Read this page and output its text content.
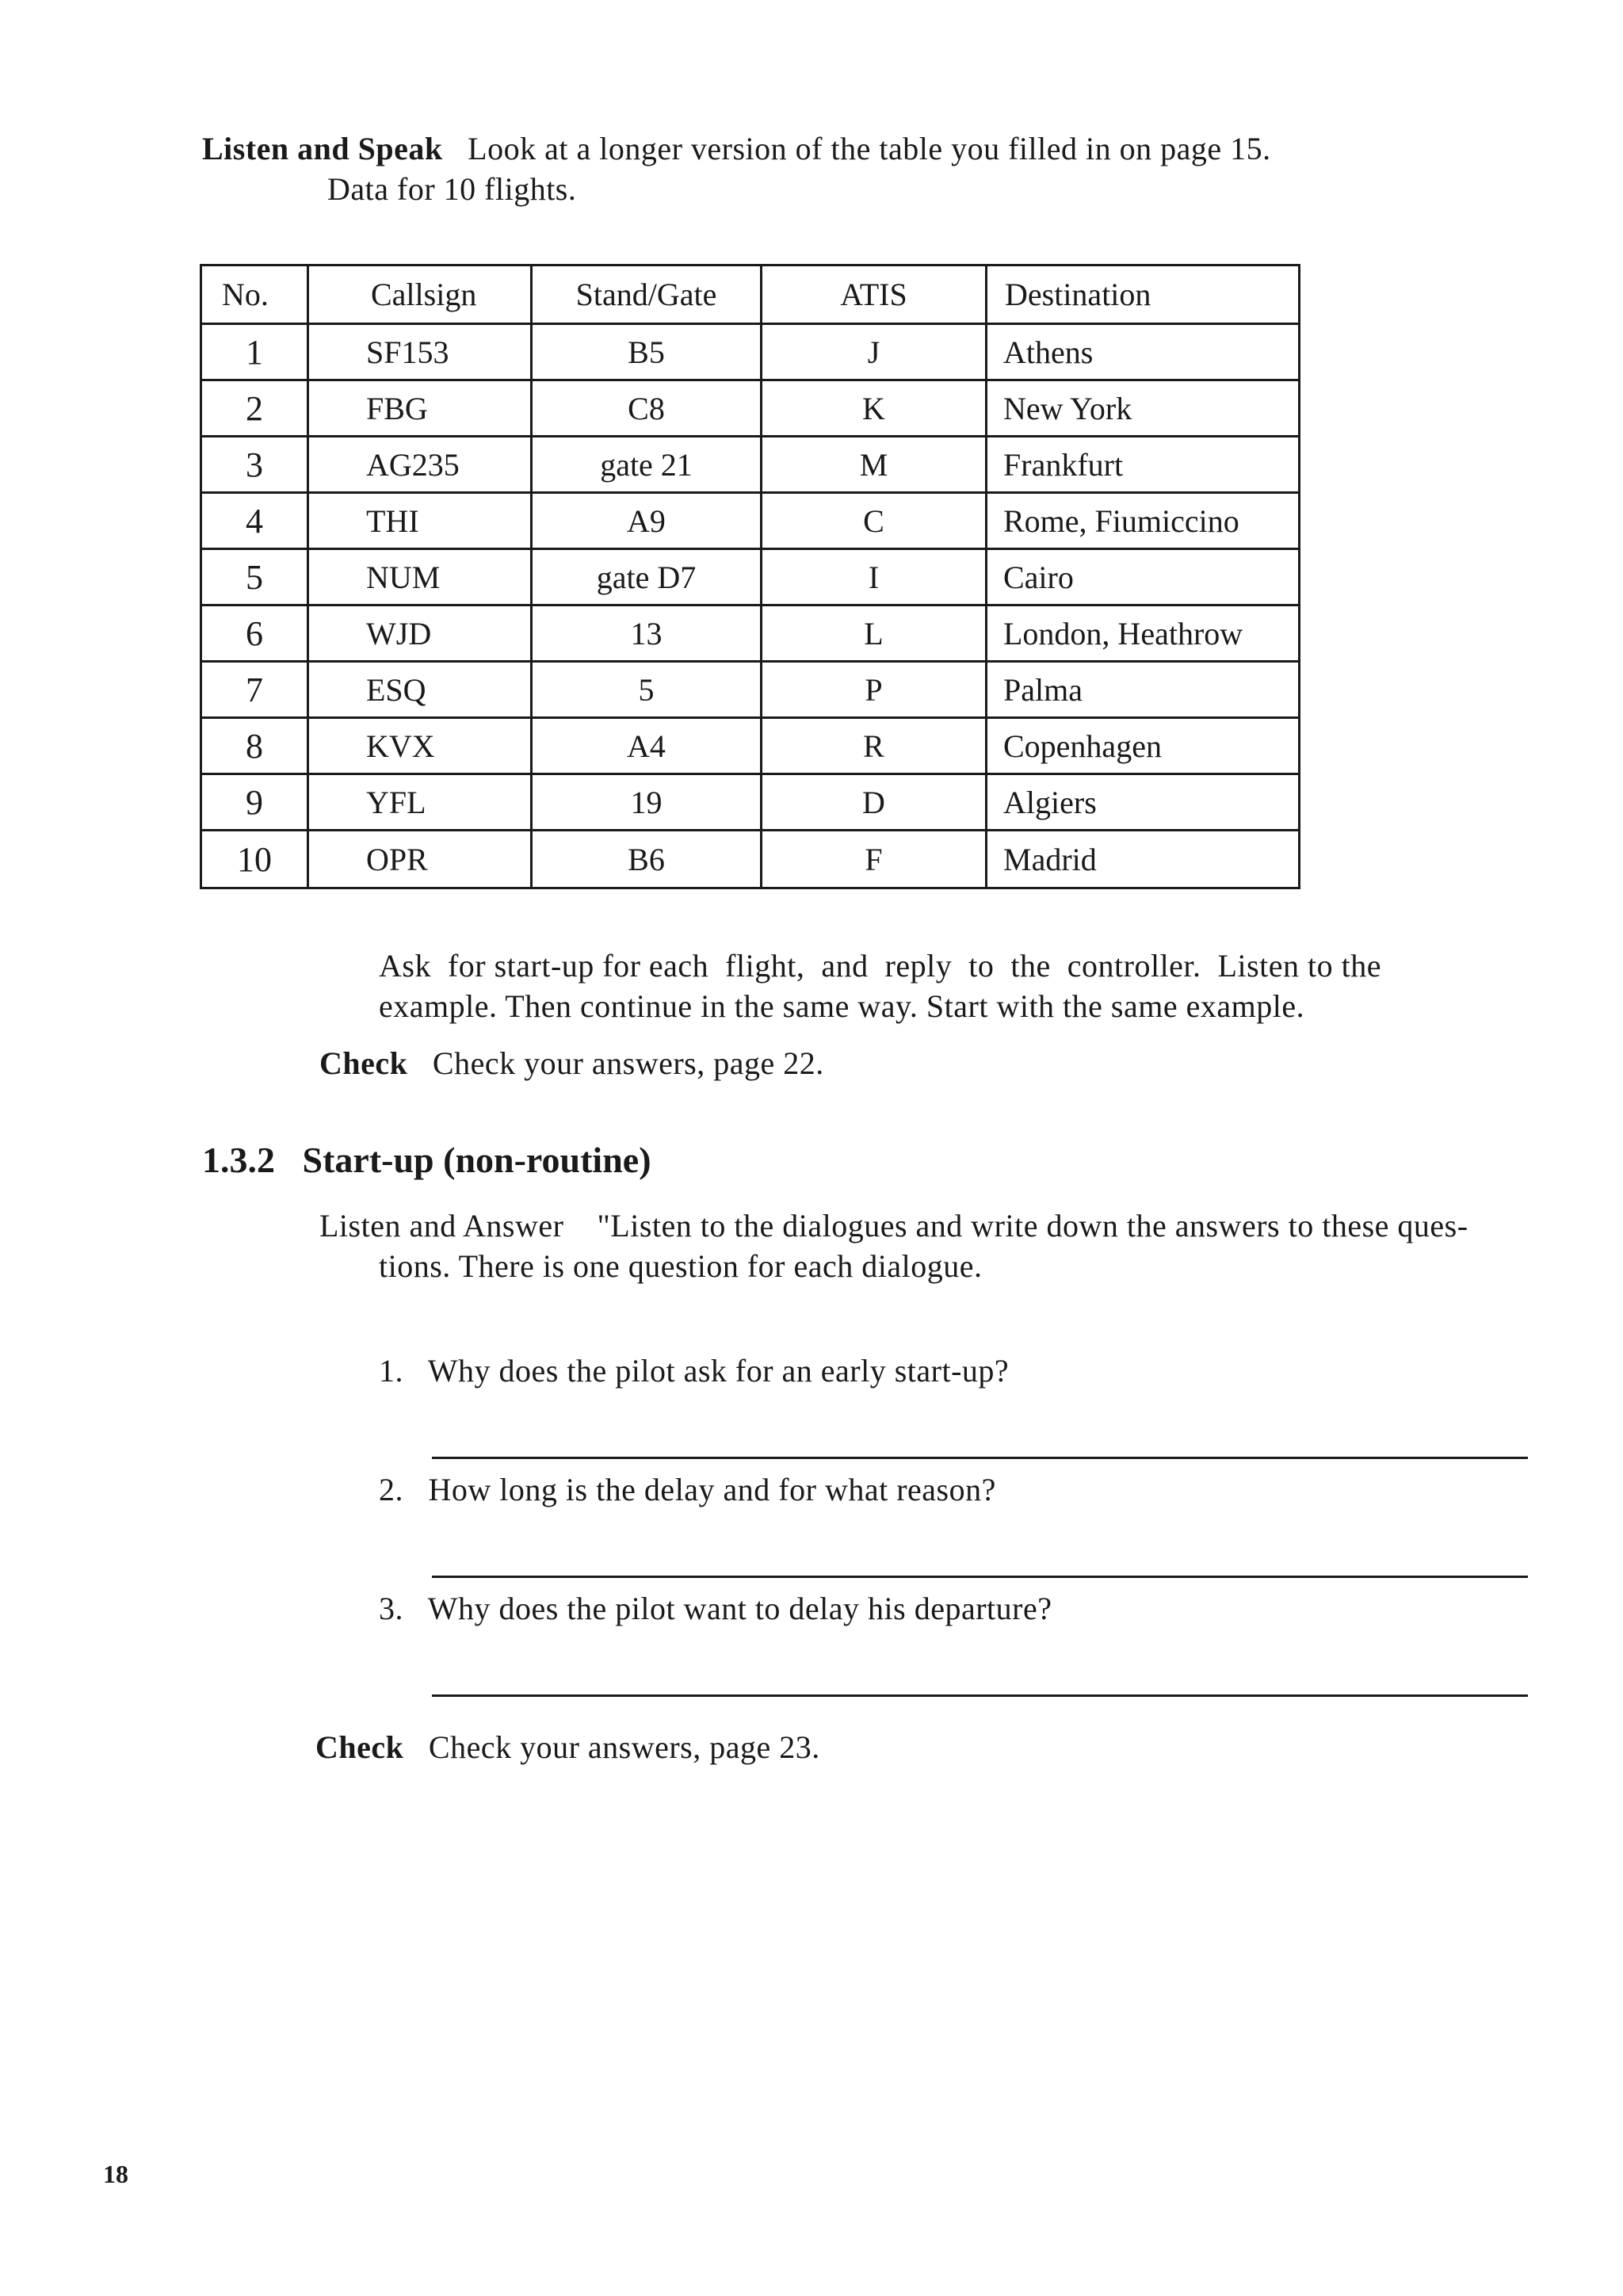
Listen and Speak Look at a longer version of the table you filled in on page 15.
Data for 10 flights.
No.	Callsign	Stand/Gate	ATIS	Destination
1	SF153	B5	J	Athens
2	FBG	C8	K	New York
3	AG235	gate 21	M	Frankfurt
4	THI	A9	C	Rome, Fiumiccino
5	NUM	gate D7	I	Cairo
6	WJD	13	L	London, Heathrow
7	ESQ	5	P	Palma
8	KVX	A4	R	Copenhagen
9	YFL	19	D	Algiers
10	OPR	B6	F	Madrid
Ask  for start-up for each  flight,  and  reply  to  the  controller.  Listen to the
example. Then continue in the same way. Start with the same example.
Check Check your answers, page 22.
1.3.2 Start-up (non-routine)
Listen and Answer "Listen to the dialogues and write down the answers to these ques-
tions. There is one question for each dialogue.
1. Why does the pilot ask for an early start-up?
2. How long is the delay and for what reason?
3. Why does the pilot want to delay his departure?
Check Check your answers, page 23.
18
